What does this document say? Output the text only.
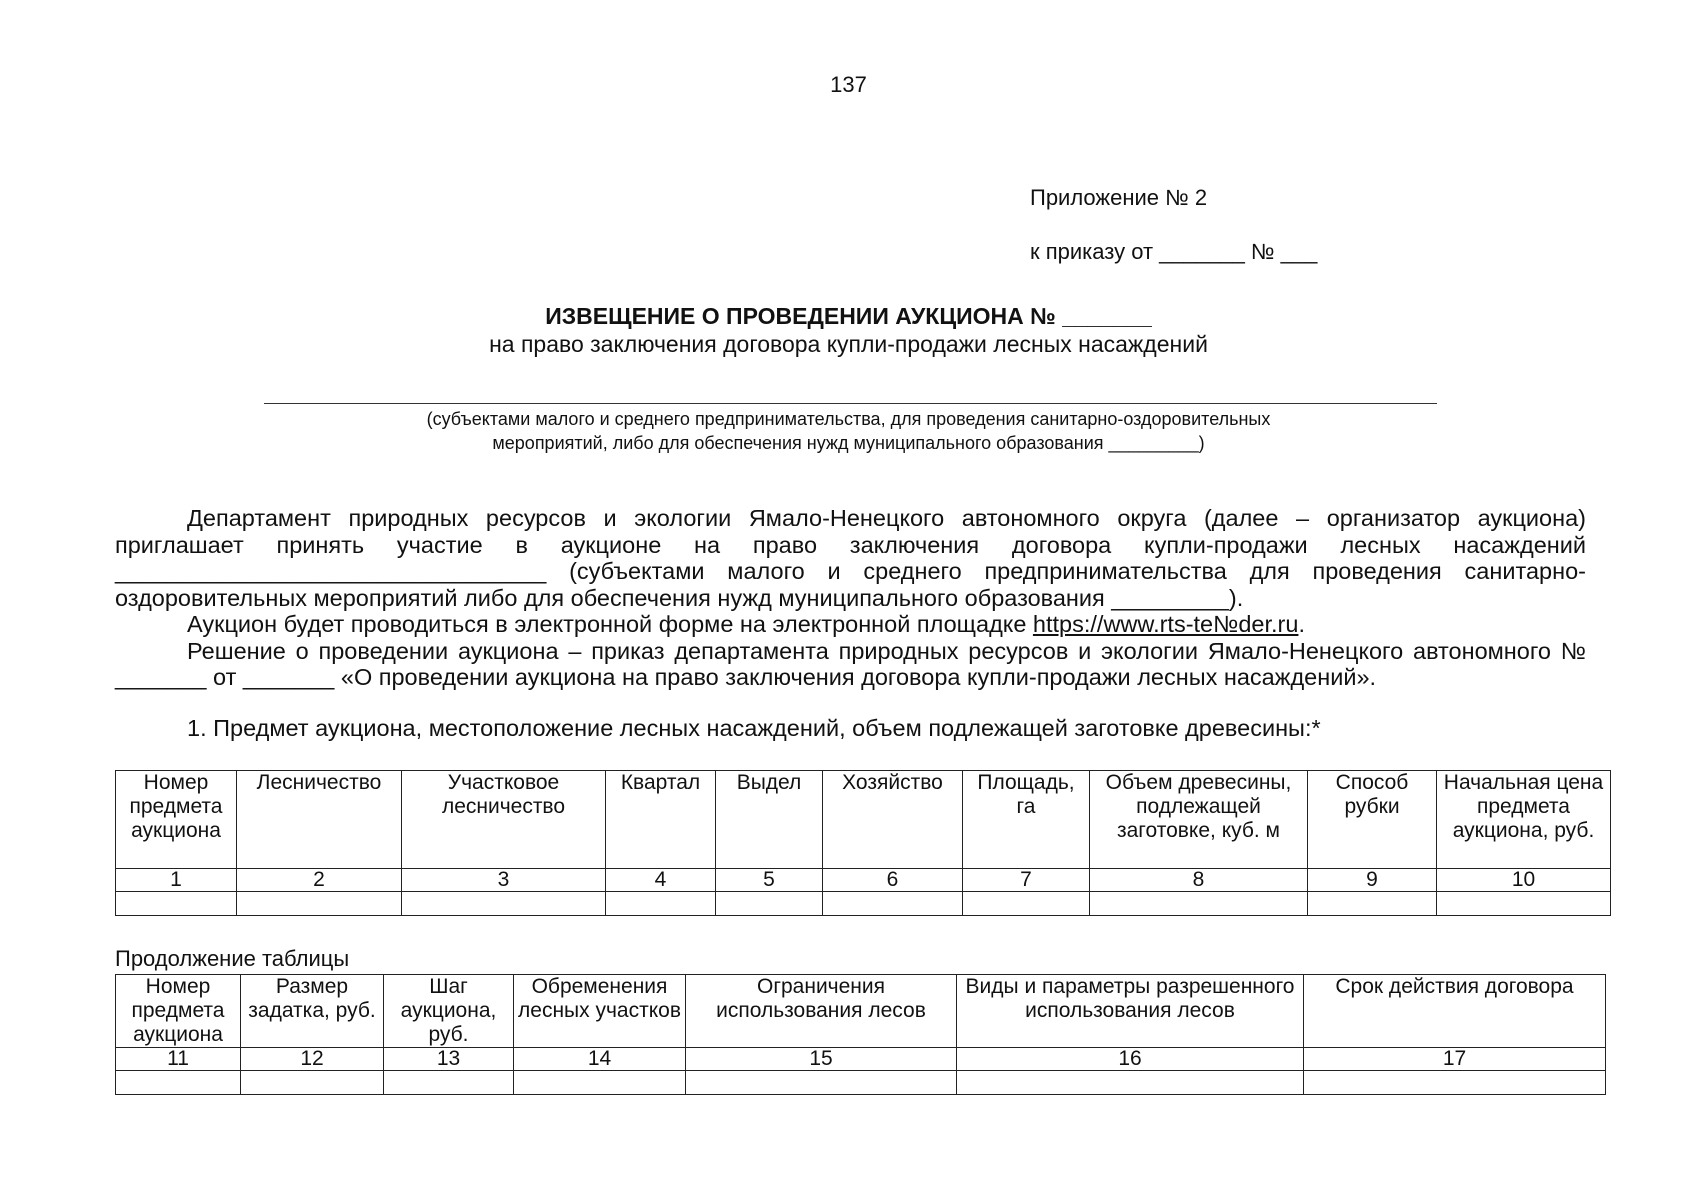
137
Приложение № 2
к приказу от _______ № ___
ИЗВЕЩЕНИЕ О ПРОВЕДЕНИИ АУКЦИОНА № _______
на право заключения договора купли-продажи лесных насаждений
(субъектами малого и среднего предпринимательства, для проведения санитарно-оздоровительных
мероприятий, либо для обеспечения нужд муниципального образования _________)

Департамент природных ресурсов и экологии Ямало-Ненецкого автономного округа (далее – организатор аукциона) приглашает принять участие в аукционе на право заключения договора купли-продажи лесных насаждений _________________________________ (субъектами малого и среднего предпринимательства для проведения санитарно-оздоровительных мероприятий либо для обеспечения нужд муниципального образования _________).

Аукцион будет проводиться в электронной форме на электронной площадке https://www.rts-te№der.ru.

Решение о проведении аукциона – приказ департамента природных ресурсов и экологии Ямало-Ненецкого автономного № _______ от _______ «О проведении аукциона на право заключения договора купли-продажи лесных насаждений».

1. Предмет аукциона, местоположение лесных насаждений, объем подлежащей заготовке древесины:*

Номер предмета аукциона	Лесничество	Участковое лесничество	Квартал	Выдел	Хозяйство	Площадь, га	Объем древесины, подлежащей заготовке, куб. м	Способ рубки	Начальная цена предмета аукциона, руб.
1	2	3	4	5	6	7	8	9	10

Продолжение таблицы
Номер предмета аукциона	Размер задатка, руб.	Шаг аукциона, руб.	Обременения лесных участков	Ограничения использования лесов	Виды и параметры разрешенного использования лесов	Срок действия договора
11	12	13	14	15	16	17
